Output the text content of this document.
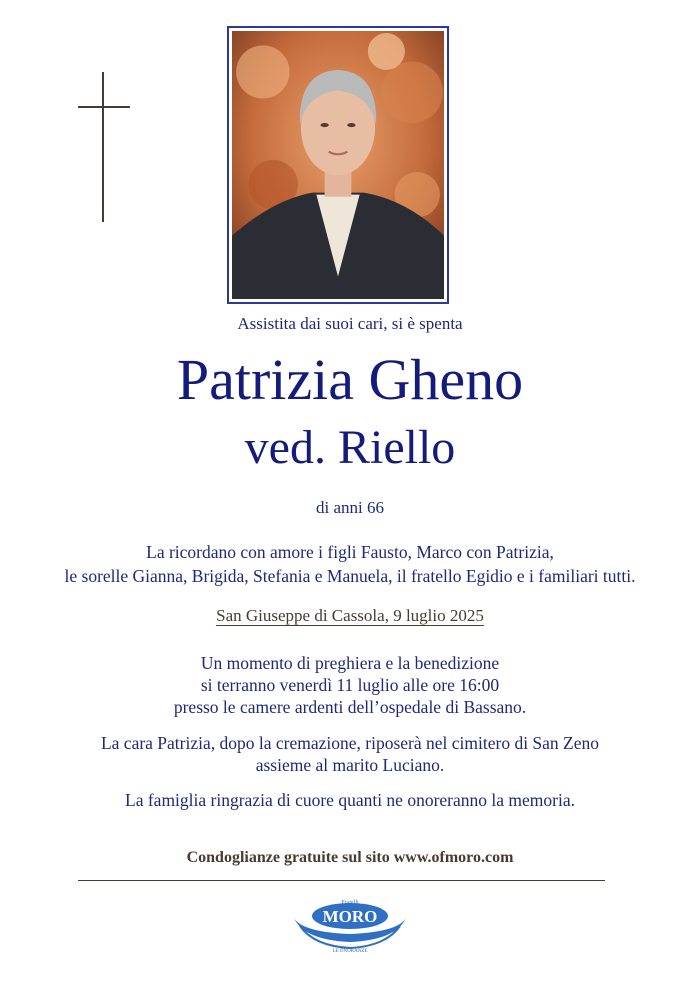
Assistita dai suoi cari, si è spenta
Patrizia Gheno
ved. Riello
di anni 66
La ricordano con amore i figli Fausto, Marco con Patrizia,
le sorelle Gianna, Brigida, Stefania e Manuela, il fratello Egidio e i familiari tutti.
San Giuseppe di Cassola, 9 luglio 2025
Un momento di preghiera e la benedizione
si terranno venerdì 11 luglio alle ore 16:00
presso le camere ardenti dell’ospedale di Bassano.
La cara Patrizia, dopo la cremazione, riposerà nel cimitero di San Zeno
assieme al marito Luciano.
La famiglia ringrazia di cuore quanti ne onoreranno la memoria.
Condoglianze gratuite sul sito www.ofmoro.com
Fratelli
MORO
LE ONORANZE
